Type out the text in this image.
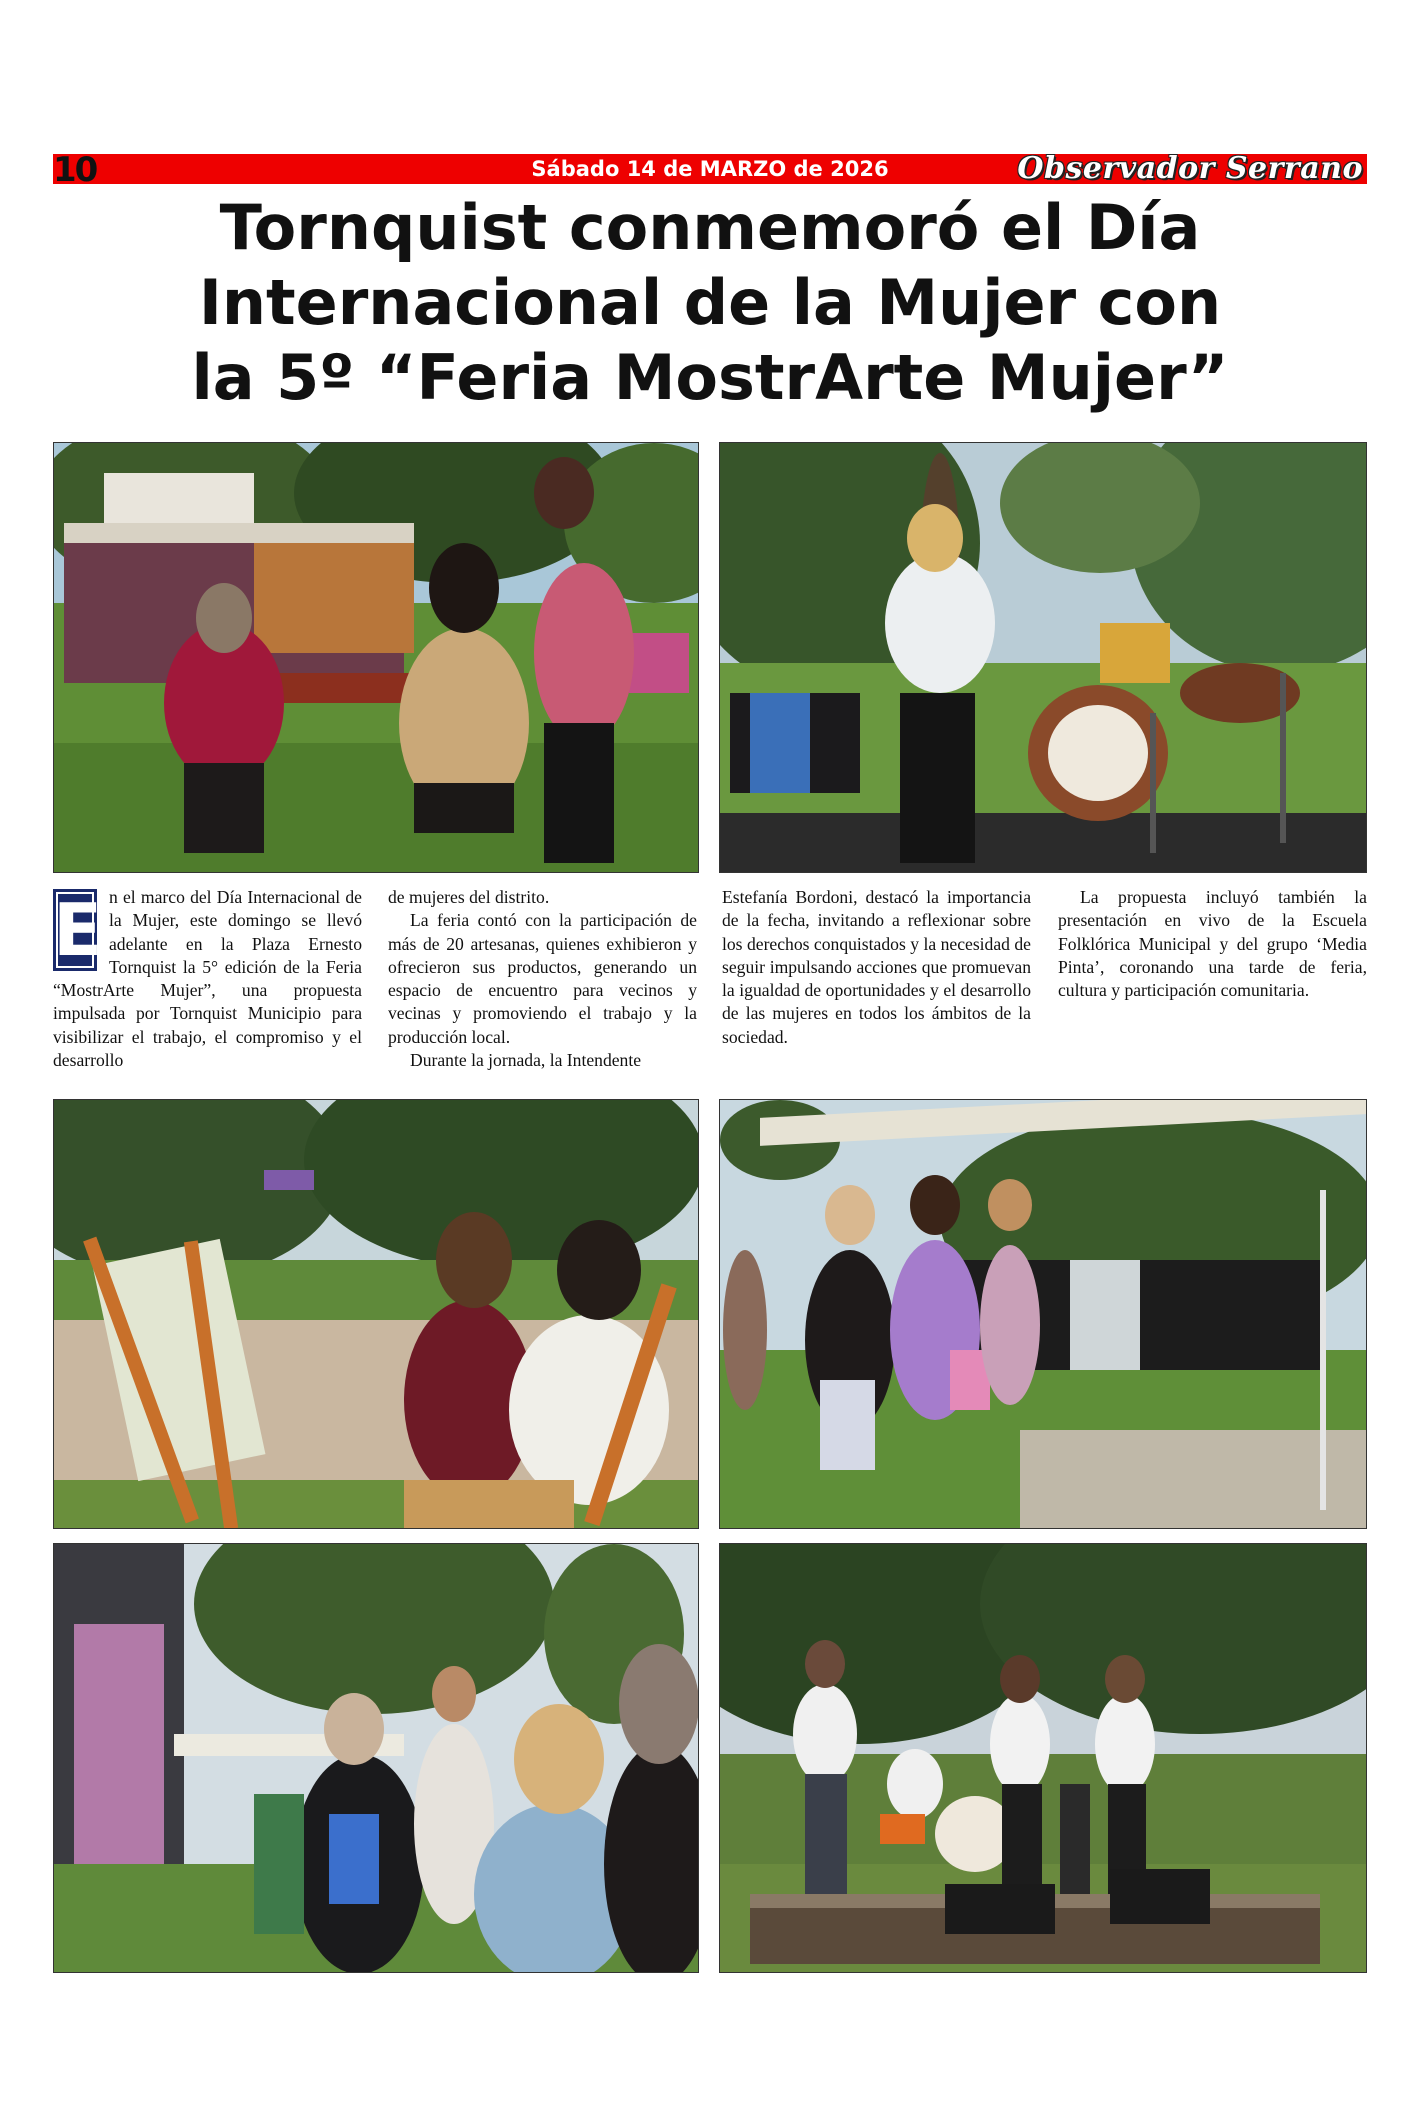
10	Sábado 14 de MARZO de 2026	Observador Serrano
Tornquist conmemoró el Día
Internacional de la Mujer con
la 5º “Feria MostrArte Mujer”
E n el marco del Día Internacional de la Mujer, este domingo se llevó adelante en la Plaza Ernesto Tornquist la 5° edición de la Feria “MostrArte Mujer”, una propuesta impulsada por Tornquist Municipio para visibilizar el trabajo, el compromiso y el desarrollo

de mujeres del distrito.

La feria contó con la participación de más de 20 artesanas, quienes exhibieron y ofrecieron sus productos, generando un espacio de encuentro para vecinos y vecinas y promoviendo el trabajo y la producción local.

Durante la jornada, la Intendente

Estefanía Bordoni, destacó la importancia de la fecha, invitando a reflexionar sobre los derechos conquistados y la necesidad de seguir impulsando acciones que promuevan la igualdad de oportunidades y el desarrollo de las mujeres en todos los ámbitos de la sociedad.

La propuesta incluyó también la presentación en vivo de la Escuela Folklórica Municipal y del grupo ‘Media Pinta’, coronando una tarde de feria, cultura y participación comunitaria.
